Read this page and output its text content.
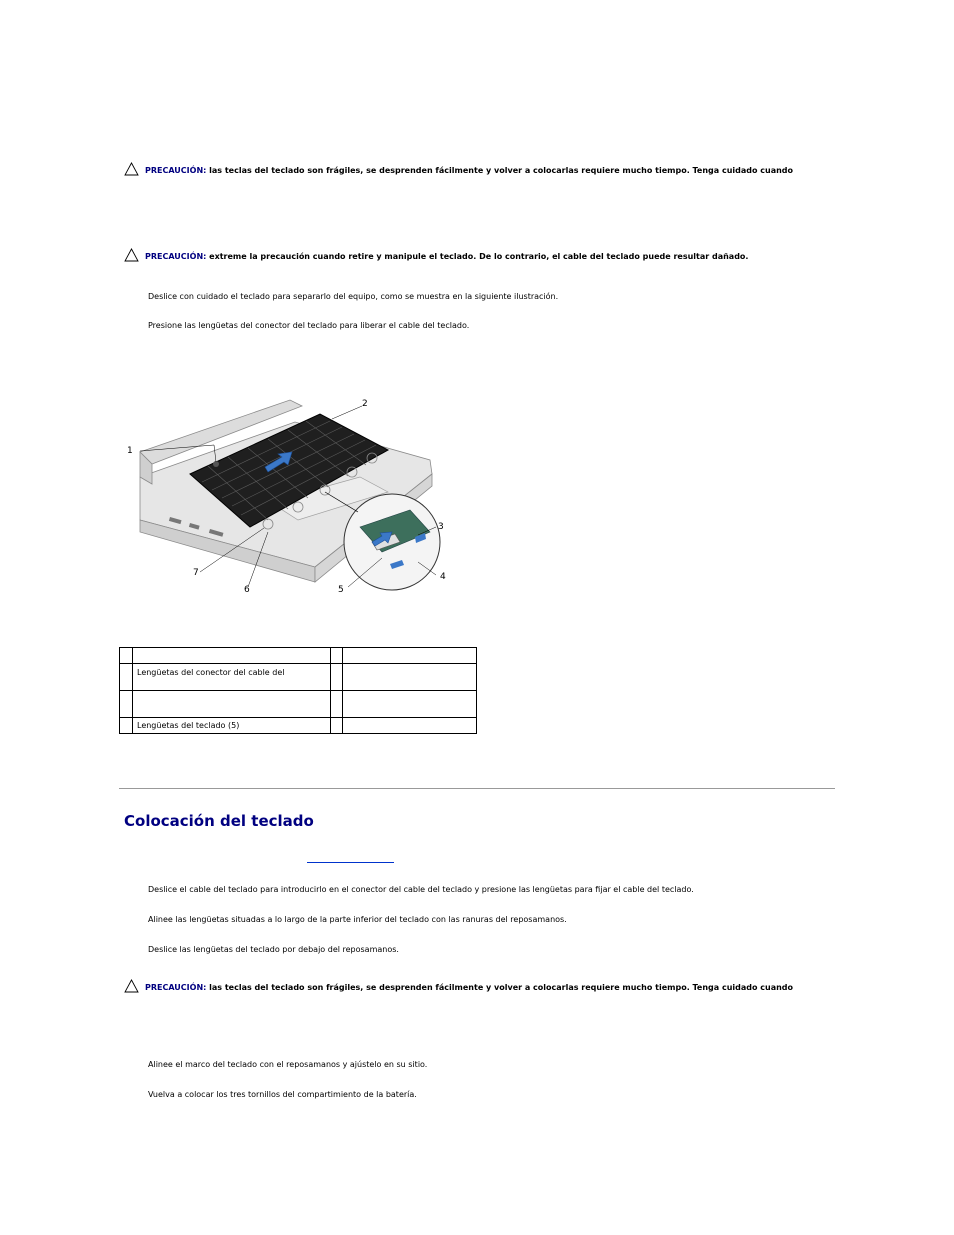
PRECAUCIÓN: las teclas del teclado son frágiles, se desprenden fácilmente y volver a colocarlas requiere mucho tiempo. Tenga cuidado cuando
PRECAUCIÓN: extreme la precaución cuando retire y manipule el teclado. De lo contrario, el cable del teclado puede resultar dañado.
Deslice con cuidado el teclado para separarlo del equipo, como se muestra en la siguiente ilustración.
Presione las lengüetas del conector del teclado para liberar el cable del teclado.
1
2
3
4
5
6
7

	Lengüetas del conector del cable del		

	Lengüetas del teclado (5)		
Colocación del teclado
Deslice el cable del teclado para introducirlo en el conector del cable del teclado y presione las lengüetas para fijar el cable del teclado.
Alinee las lengüetas situadas a lo largo de la parte inferior del teclado con las ranuras del reposamanos.
Deslice las lengüetas del teclado por debajo del reposamanos.
PRECAUCIÓN: las teclas del teclado son frágiles, se desprenden fácilmente y volver a colocarlas requiere mucho tiempo. Tenga cuidado cuando
Alinee el marco del teclado con el reposamanos y ajústelo en su sitio.
Vuelva a colocar los tres tornillos del compartimiento de la batería.
